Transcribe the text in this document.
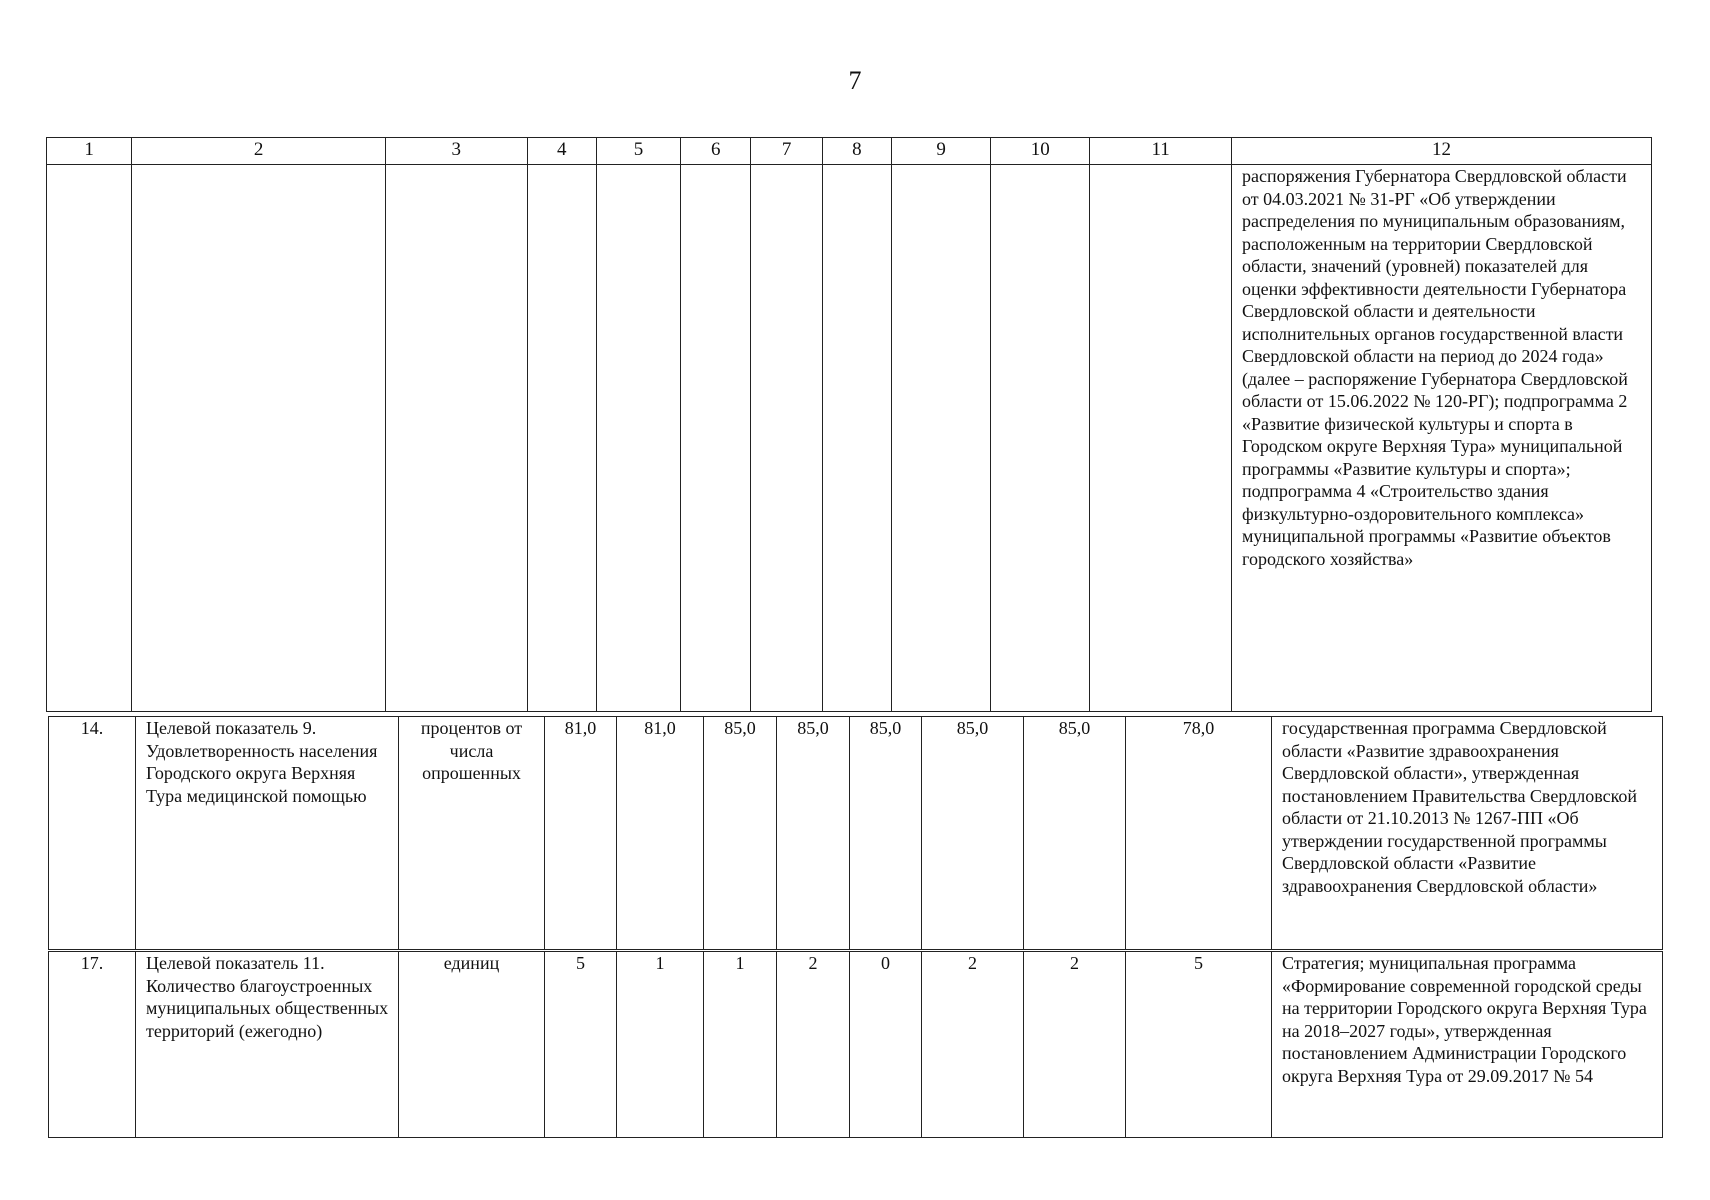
7
1	2	3	4	5	6	7	8	9	10	11	12
											распоряжения Губернатора Свердловской области от 04.03.2021 № 31-РГ «Об утверждении распределения по муниципальным образованиям, расположенным на территории Свердловской области, значений (уровней) показателей для оценки эффективности деятельности Губернатора Свердловской области и деятельности исполнительных органов государственной власти Свердловской области на период до 2024 года» (далее – распоряжение Губернатора Свердловской области от 15.06.2022 № 120-РГ); подпрограмма 2 «Развитие физической культуры и спорта в Городском округе Верхняя Тура» муниципальной программы «Развитие культуры и спорта»; подпрограмма 4 «Строительство здания физкультурно-оздоровительного комплекса» муниципальной программы «Развитие объектов городского хозяйства»
14.	Целевой показатель 9. Удовлетворенность населения Городского округа Верхняя Тура медицинской помощью	процентов от числа опрошенных	81,0	81,0	85,0	85,0	85,0	85,0	85,0	78,0	государственная программа Свердловской области «Развитие здравоохранения Свердловской области», утвержденная постановлением Правительства Свердловской области от 21.10.2013 № 1267-ПП «Об утверждении государственной программы Свердловской области «Развитие здравоохранения Свердловской области»
17.	Целевой показатель 11. Количество благоустроенных муниципальных общественных территорий (ежегодно)	единиц	5	1	1	2	0	2	2	5	Стратегия; муниципальная программа «Формирование современной городской среды на территории Городского округа Верхняя Тура на 2018–2027 годы», утвержденная постановлением Администрации Городского округа Верхняя Тура от 29.09.2017 № 54
